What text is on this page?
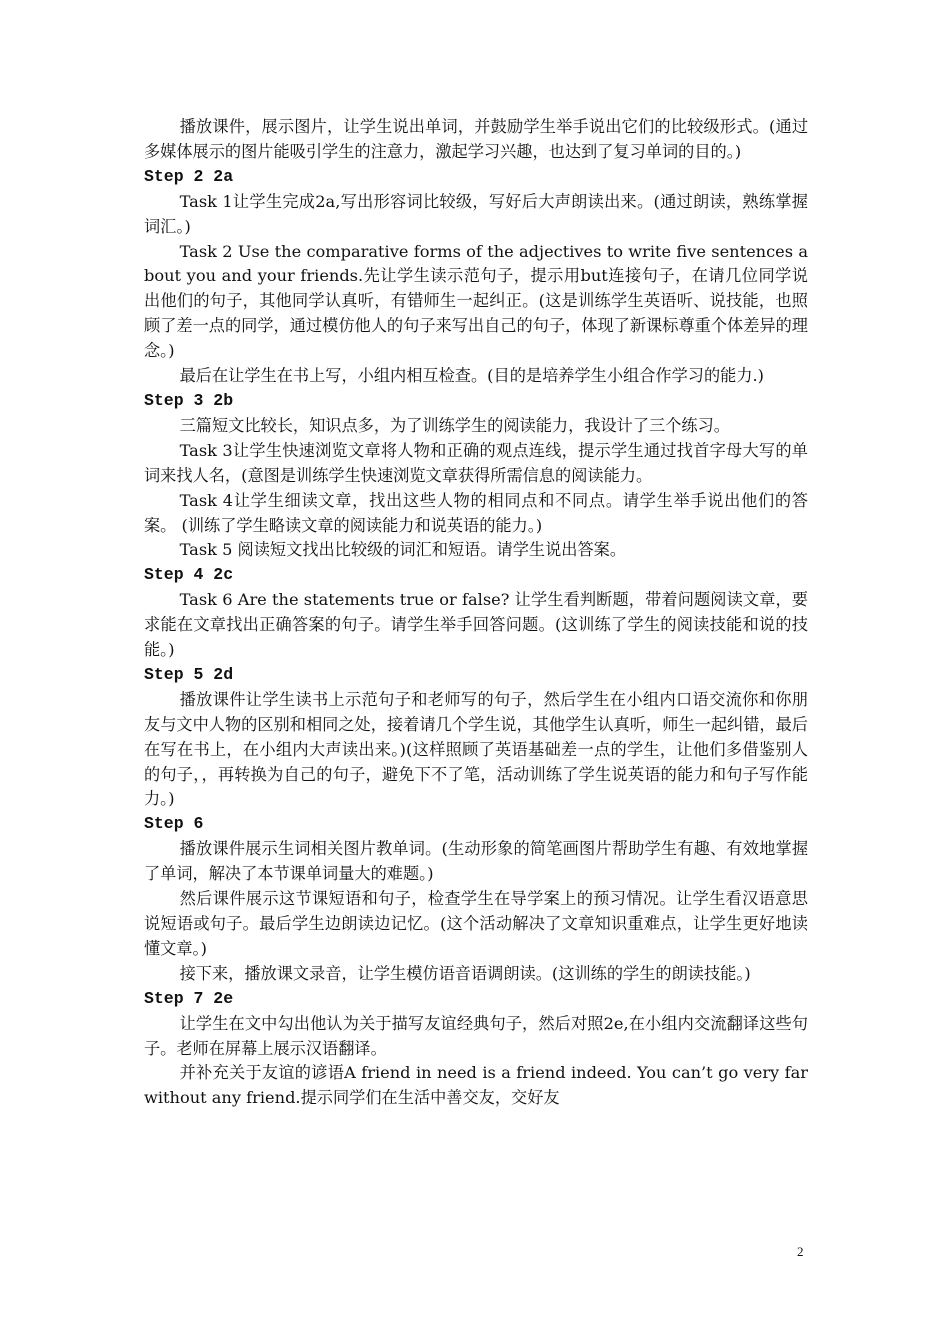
播放课件，展示图片，让学生说出单词，并鼓励学生举手说出它们的比较级形式。(通过多媒体展示的图片能吸引学生的注意力，激起学习兴趣，也达到了复习单词的目的。)

Step 2 2a

Task 1让学生完成2a,写出形容词比较级，写好后大声朗读出来。(通过朗读，熟练掌握词汇。)

Task 2 Use the comparative forms of the adjectives to write five sentences about you and your friends.先让学生读示范句子，提示用but连接句子，在请几位同学说出他们的句子，其他同学认真听，有错师生一起纠正。(这是训练学生英语听、说技能，也照顾了差一点的同学，通过模仿他人的句子来写出自己的句子，体现了新课标尊重个体差异的理念。)

最后在让学生在书上写，小组内相互检查。(目的是培养学生小组合作学习的能力.)

Step 3 2b

三篇短文比较长，知识点多，为了训练学生的阅读能力，我设计了三个练习。

Task 3让学生快速浏览文章将人物和正确的观点连线，提示学生通过找首字母大写的单词来找人名，(意图是训练学生快速浏览文章获得所需信息的阅读能力。

Task 4让学生细读文章，找出这些人物的相同点和不同点。请学生举手说出他们的答案。 (训练了学生略读文章的阅读能力和说英语的能力。)

Task 5 阅读短文找出比较级的词汇和短语。请学生说出答案。

Step 4 2c

Task 6 Are the statements true or false? 让学生看判断题，带着问题阅读文章，要求能在文章找出正确答案的句子。请学生举手回答问题。(这训练了学生的阅读技能和说的技能。)

Step 5 2d

播放课件让学生读书上示范句子和老师写的句子，然后学生在小组内口语交流你和你朋友与文中人物的区别和相同之处，接着请几个学生说，其他学生认真听，师生一起纠错，最后在写在书上，在小组内大声读出来。)(这样照顾了英语基础差一点的学生，让他们多借鉴别人的句子，，再转换为自己的句子，避免下不了笔，活动训练了学生说英语的能力和句子写作能力。)

Step 6

播放课件展示生词相关图片教单词。(生动形象的简笔画图片帮助学生有趣、有效地掌握了单词，解决了本节课单词量大的难题。)

然后课件展示这节课短语和句子，检查学生在导学案上的预习情况。让学生看汉语意思说短语或句子。最后学生边朗读边记忆。(这个活动解决了文章知识重难点，让学生更好地读懂文章。)

接下来，播放课文录音，让学生模仿语音语调朗读。(这训练的学生的朗读技能。)

Step 7 2e

让学生在文中勾出他认为关于描写友谊经典句子，然后对照2e,在小组内交流翻译这些句子。老师在屏幕上展示汉语翻译。

并补充关于友谊的谚语A friend in need is a friend indeed. You can’t go very far without any friend.提示同学们在生活中善交友，交好友

2
